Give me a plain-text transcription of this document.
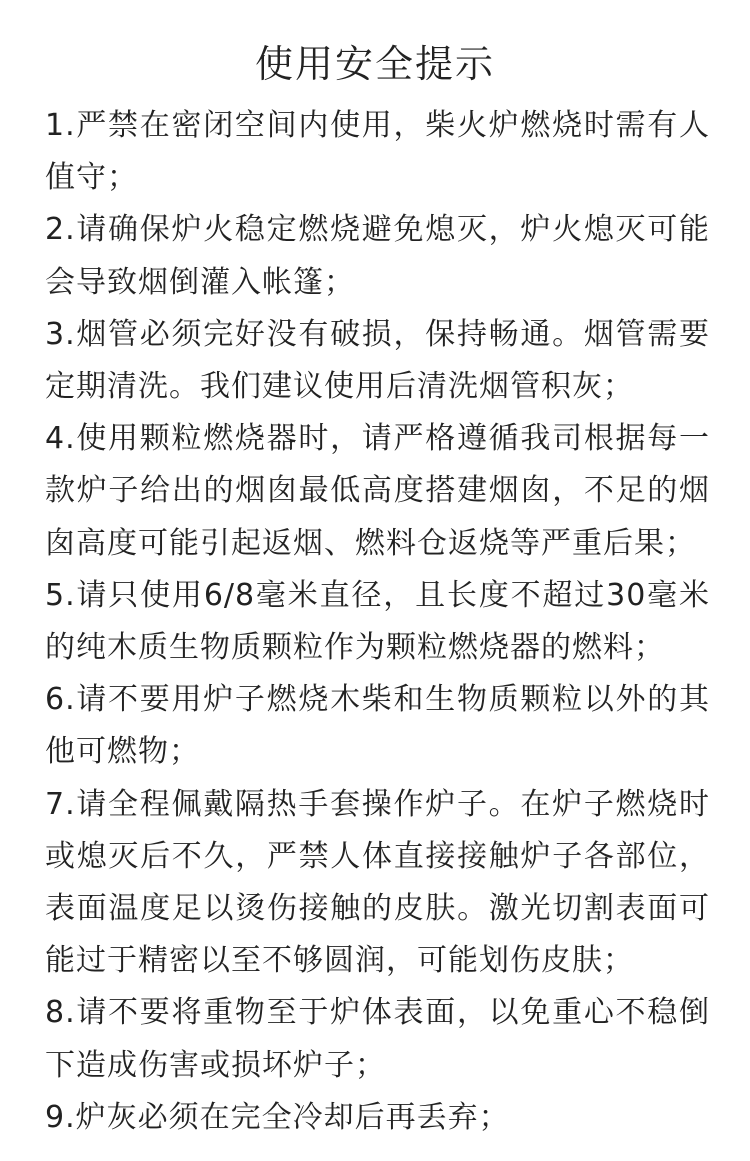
使用安全提示
1.严禁在密闭空间内使用，柴火炉燃烧时需有人值守；
2.请确保炉火稳定燃烧避免熄灭，炉火熄灭可能会导致烟倒灌入帐篷；
3.烟管必须完好没有破损，保持畅通。烟管需要定期清洗。我们建议使用后清洗烟管积灰；
4.使用颗粒燃烧器时，请严格遵循我司根据每一款炉子给出的烟囱最低高度搭建烟囱，不足的烟囱高度可能引起返烟、燃料仓返烧等严重后果；
5.请只使用6/8毫米直径，且长度不超过30毫米的纯木质生物质颗粒作为颗粒燃烧器的燃料；
6.请不要用炉子燃烧木柴和生物质颗粒以外的其他可燃物；
7.请全程佩戴隔热手套操作炉子。在炉子燃烧时或熄灭后不久，严禁人体直接接触炉子各部位，表面温度足以烫伤接触的皮肤。激光切割表面可能过于精密以至不够圆润，可能划伤皮肤；
8.请不要将重物至于炉体表面，以免重心不稳倒下造成伤害或损坏炉子；
9.炉灰必须在完全冷却后再丢弃；
